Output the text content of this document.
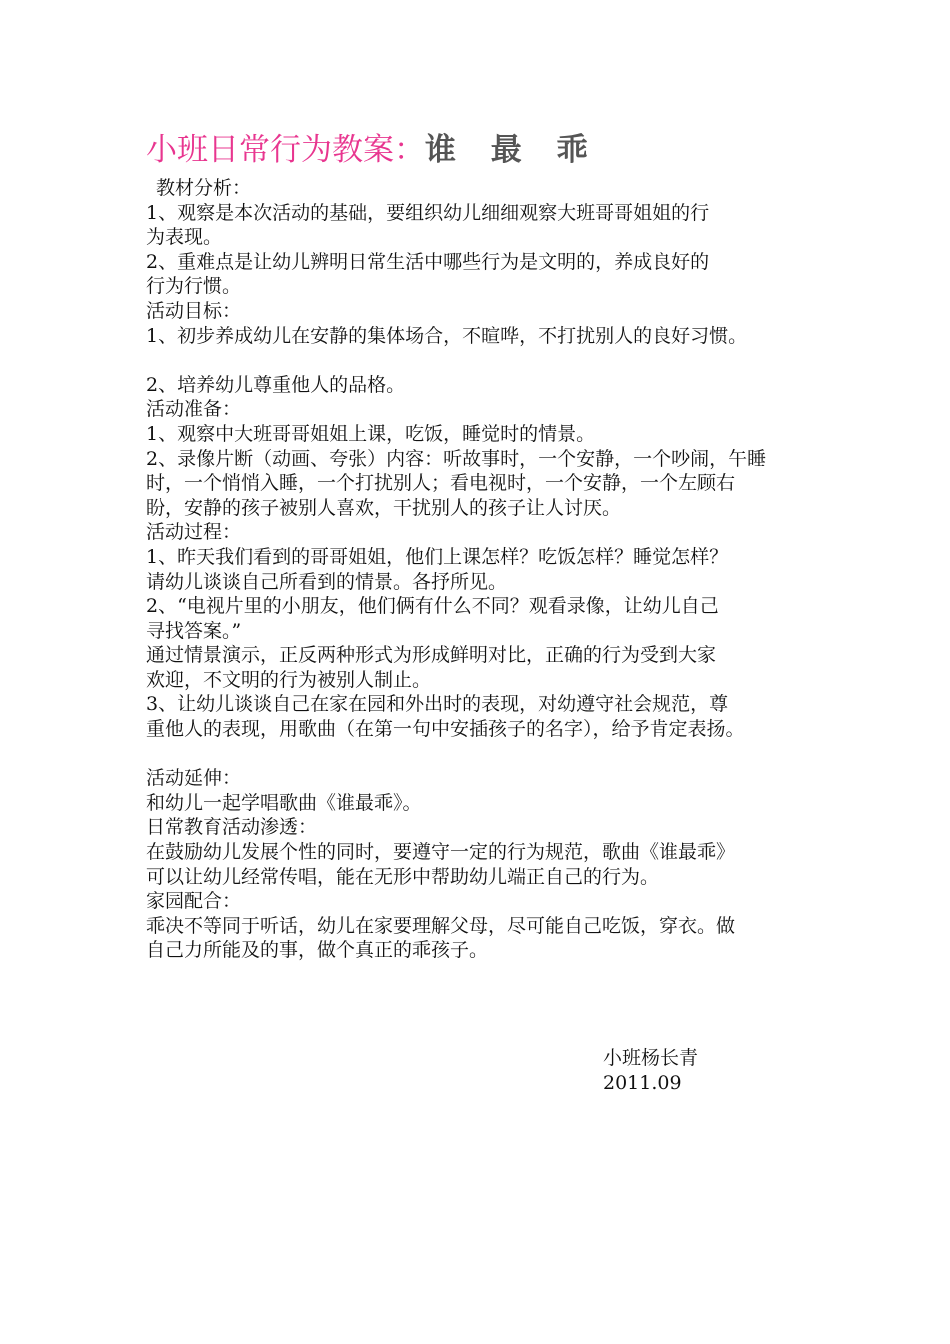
小班日常行为教案：谁 最 乖

教材分析：

1、观察是本次活动的基础，要组织幼儿细细观察大班哥哥姐姐的行

为表现。

2、重难点是让幼儿辨明日常生活中哪些行为是文明的，养成良好的

行为行惯。

活动目标：

1、初步养成幼儿在安静的集体场合，不暄哗，不打扰别人的良好习惯。

2、培养幼儿尊重他人的品格。

活动准备：

1、观察中大班哥哥姐姐上课，吃饭，睡觉时的情景。

2、录像片断（动画、夸张）内容：听故事时，一个安静，一个吵闹，午睡

时，一个悄悄入睡，一个打扰别人；看电视时，一个安静，一个左顾右

盼，安静的孩子被别人喜欢，干扰别人的孩子让人讨厌。

活动过程：

1、昨天我们看到的哥哥姐姐，他们上课怎样？吃饭怎样？睡觉怎样？

请幼儿谈谈自己所看到的情景。各抒所见。

2、“电视片里的小朋友，他们俩有什么不同？观看录像，让幼儿自己

寻找答案。”

通过情景演示，正反两种形式为形成鲜明对比，正确的行为受到大家

欢迎，不文明的行为被别人制止。

3、让幼儿谈谈自己在家在园和外出时的表现，对幼遵守社会规范，尊

重他人的表现，用歌曲（在第一句中安插孩子的名字），给予肯定表扬。

活动延伸：

和幼儿一起学唱歌曲《谁最乖》。

日常教育活动渗透：

在鼓励幼儿发展个性的同时，要遵守一定的行为规范，歌曲《谁最乖》

可以让幼儿经常传唱，能在无形中帮助幼儿端正自己的行为。

家园配合：

乖决不等同于听话，幼儿在家要理解父母，尽可能自己吃饭，穿衣。做

自己力所能及的事，做个真正的乖孩子。

小班杨长青
2011.09
